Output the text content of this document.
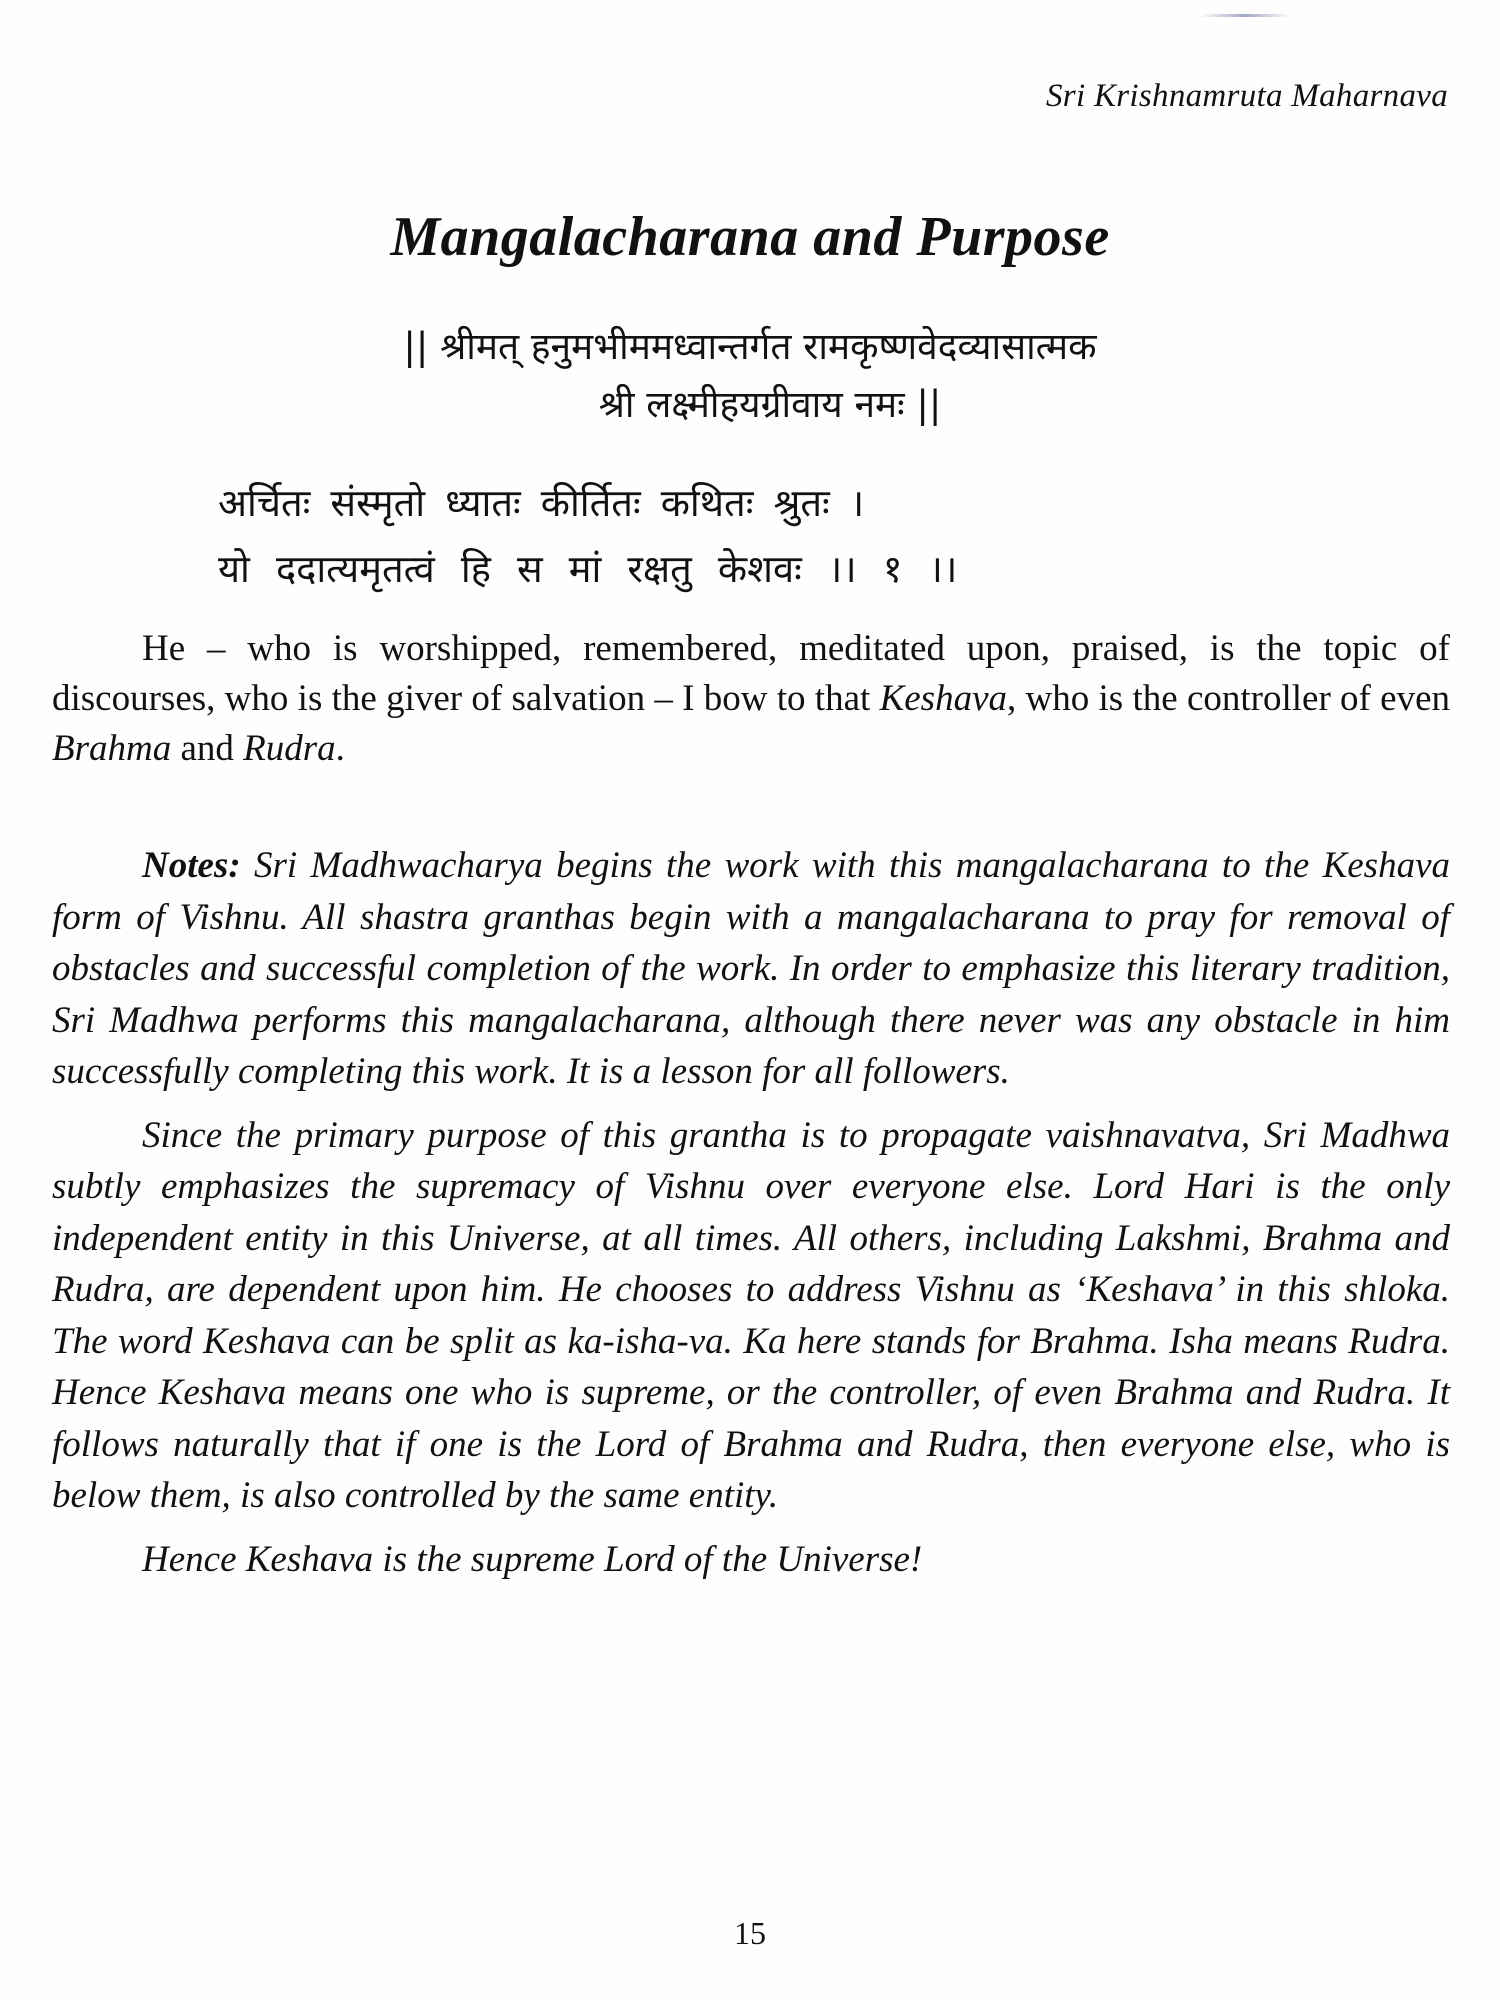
Sri Krishnamruta Maharnava
Mangalacharana and Purpose
|| श्रीमत् हनुमभीममध्वान्तर्गत रामकृष्णवेदव्यासात्मक
श्री लक्ष्मीहयग्रीवाय नमः ||
अर्चितः संस्मृतो ध्यातः कीर्तितः कथितः श्रुतः ।
यो ददात्यमृतत्वं हि स मां रक्षतु केशवः ।। १ ।।

He – who is worshipped, remembered, meditated upon, praised, is the topic of discourses, who is the giver of salvation – I bow to that Keshava, who is the controller of even Brahma and Rudra.

Notes: Sri Madhwacharya begins the work with this mangalacharana to the Keshava form of Vishnu. All shastra granthas begin with a mangalacharana to pray for removal of obstacles and successful completion of the work. In order to emphasize this literary tradition, Sri Madhwa performs this mangalacharana, although there never was any obstacle in him successfully completing this work. It is a lesson for all followers.

Since the primary purpose of this grantha is to propagate vaishnavatva, Sri Madhwa subtly emphasizes the supremacy of Vishnu over everyone else. Lord Hari is the only independent entity in this Universe, at all times. All others, including Lakshmi, Brahma and Rudra, are dependent upon him. He chooses to address Vishnu as ‘Keshava’ in this shloka. The word Keshava can be split as ka-isha-va. Ka here stands for Brahma. Isha means Rudra. Hence Keshava means one who is supreme, or the controller, of even Brahma and Rudra. It follows naturally that if one is the Lord of Brahma and Rudra, then everyone else, who is below them, is also controlled by the same entity.

Hence Keshava is the supreme Lord of the Universe!

15
